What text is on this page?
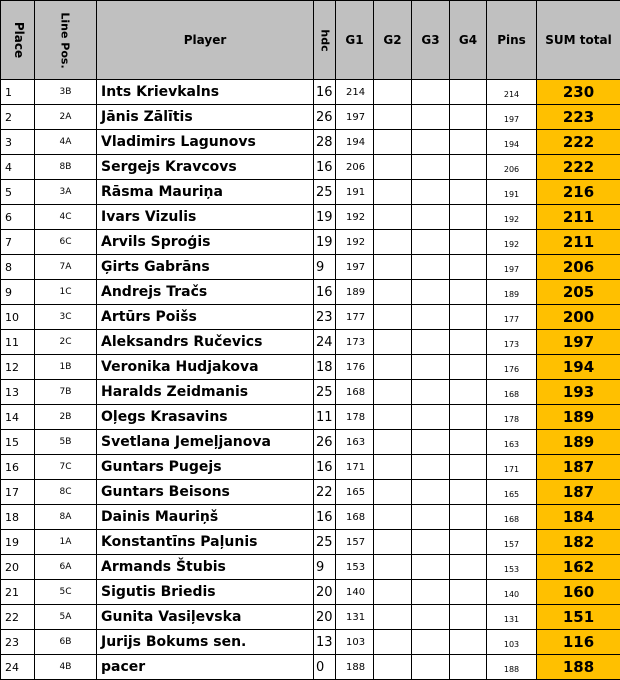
Place	Line Pos.	Player	hdc	G1	G2	G3	G4	Pins	SUM total
1	3B	Ints Krievkalns	16	214				214	230
2	2A	Jānis Zālītis	26	197				197	223
3	4A	Vladimirs Lagunovs	28	194				194	222
4	8B	Sergejs Kravcovs	16	206				206	222
5	3A	Rāsma Mauriņa	25	191				191	216
6	4C	Ivars Vizulis	19	192				192	211
7	6C	Arvils Sproģis	19	192				192	211
8	7A	Ģirts Gabrāns	9	197				197	206
9	1C	Andrejs Tračs	16	189				189	205
10	3C	Artūrs Poišs	23	177				177	200
11	2C	Aleksandrs Ručevics	24	173				173	197
12	1B	Veronika Hudjakova	18	176				176	194
13	7B	Haralds Zeidmanis	25	168				168	193
14	2B	Oļegs Krasavins	11	178				178	189
15	5B	Svetlana Jemeļjanova	26	163				163	189
16	7C	Guntars Pugejs	16	171				171	187
17	8C	Guntars Beisons	22	165				165	187
18	8A	Dainis Mauriņš	16	168				168	184
19	1A	Konstantīns Paļunis	25	157				157	182
20	6A	Armands Štubis	9	153				153	162
21	5C	Sigutis Briedis	20	140				140	160
22	5A	Gunita Vasiļevska	20	131				131	151
23	6B	Jurijs Bokums sen.	13	103				103	116
24	4B	pacer	0	188				188	188
